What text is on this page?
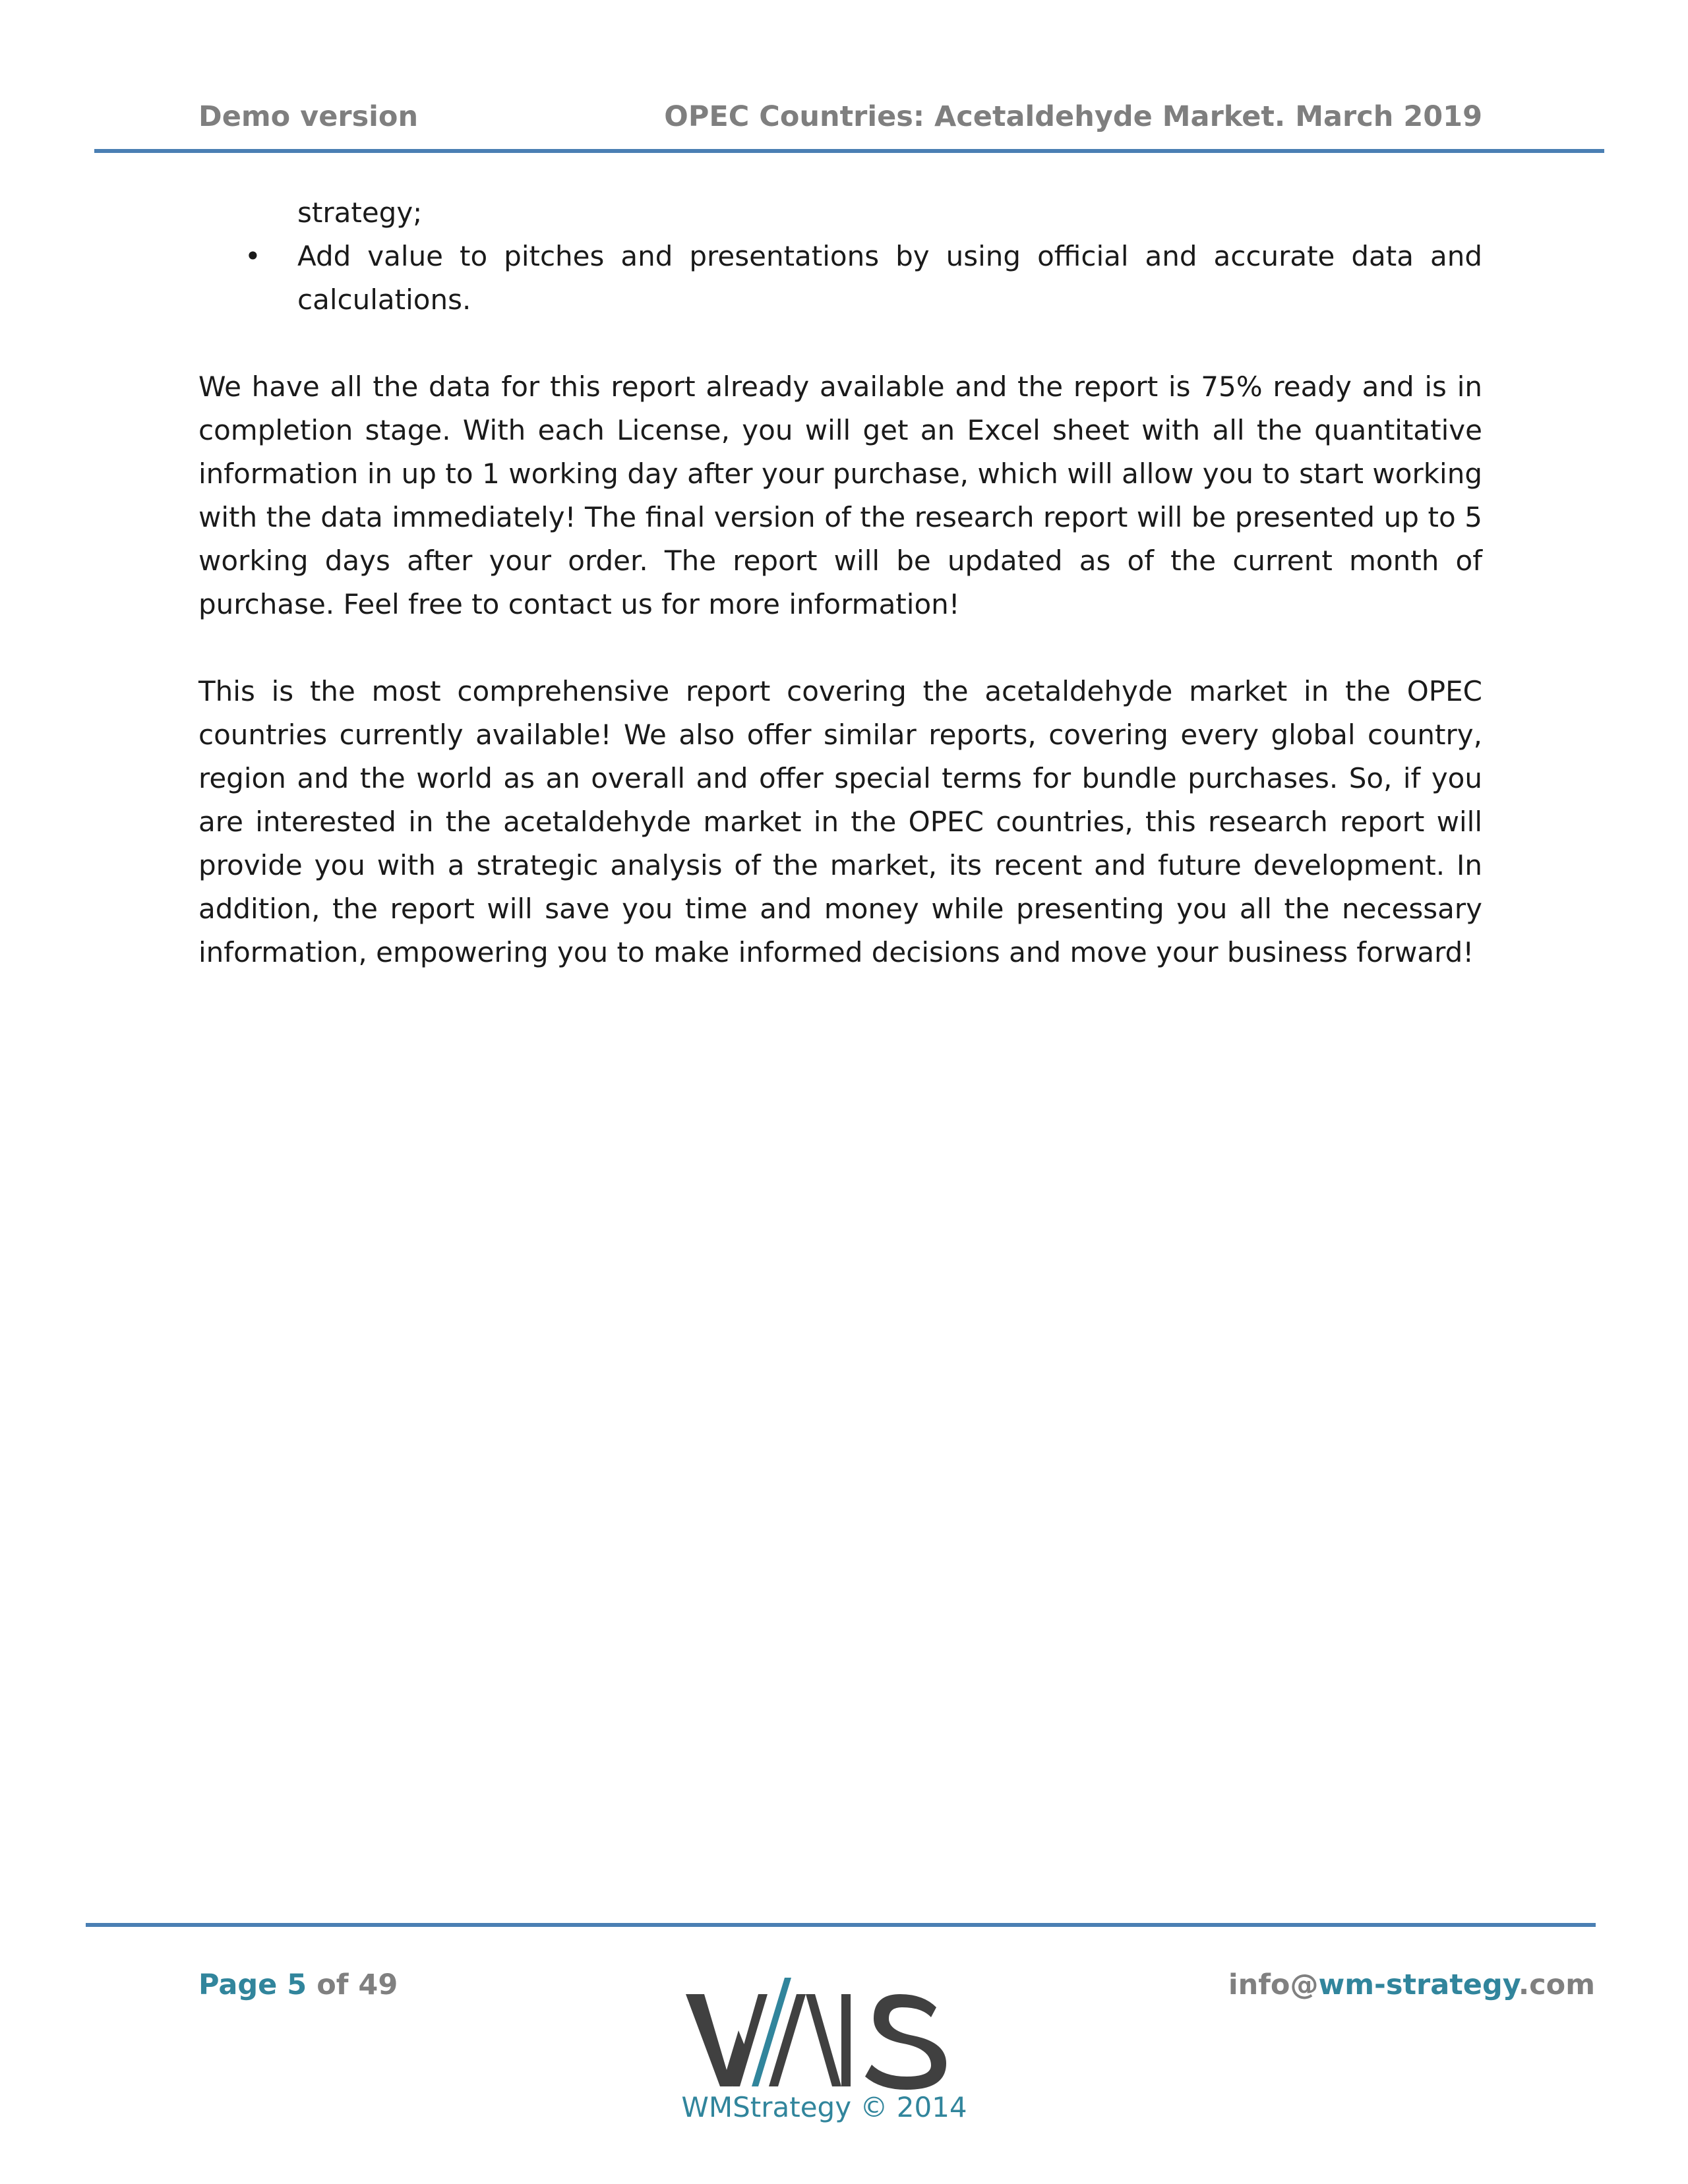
Demo version	OPEC Countries: Acetaldehyde Market. March 2019

strategy;

•	Add value to pitches and presentations by using official and accurate data and calculations.

We have all the data for this report already available and the report is 75% ready and is in completion stage. With each License, you will get an Excel sheet with all the quantitative information in up to 1 working day after your purchase, which will allow you to start working with the data immediately! The final version of the research report will be presented up to 5 working days after your order. The report will be updated as of the current month of purchase. Feel free to contact us for more information!

This is the most comprehensive report covering the acetaldehyde market in the OPEC countries currently available! We also offer similar reports, covering every global country, region and the world as an overall and offer special terms for bundle purchases. So, if you are interested in the acetaldehyde market in the OPEC countries, this research report will provide you with a strategic analysis of the market, its recent and future development. In addition, the report will save you time and money while presenting you all the necessary information, empowering you to make informed decisions and move your business forward!

Page 5 of 49	info@wm-strategy.com
WMStrategy © 2014
